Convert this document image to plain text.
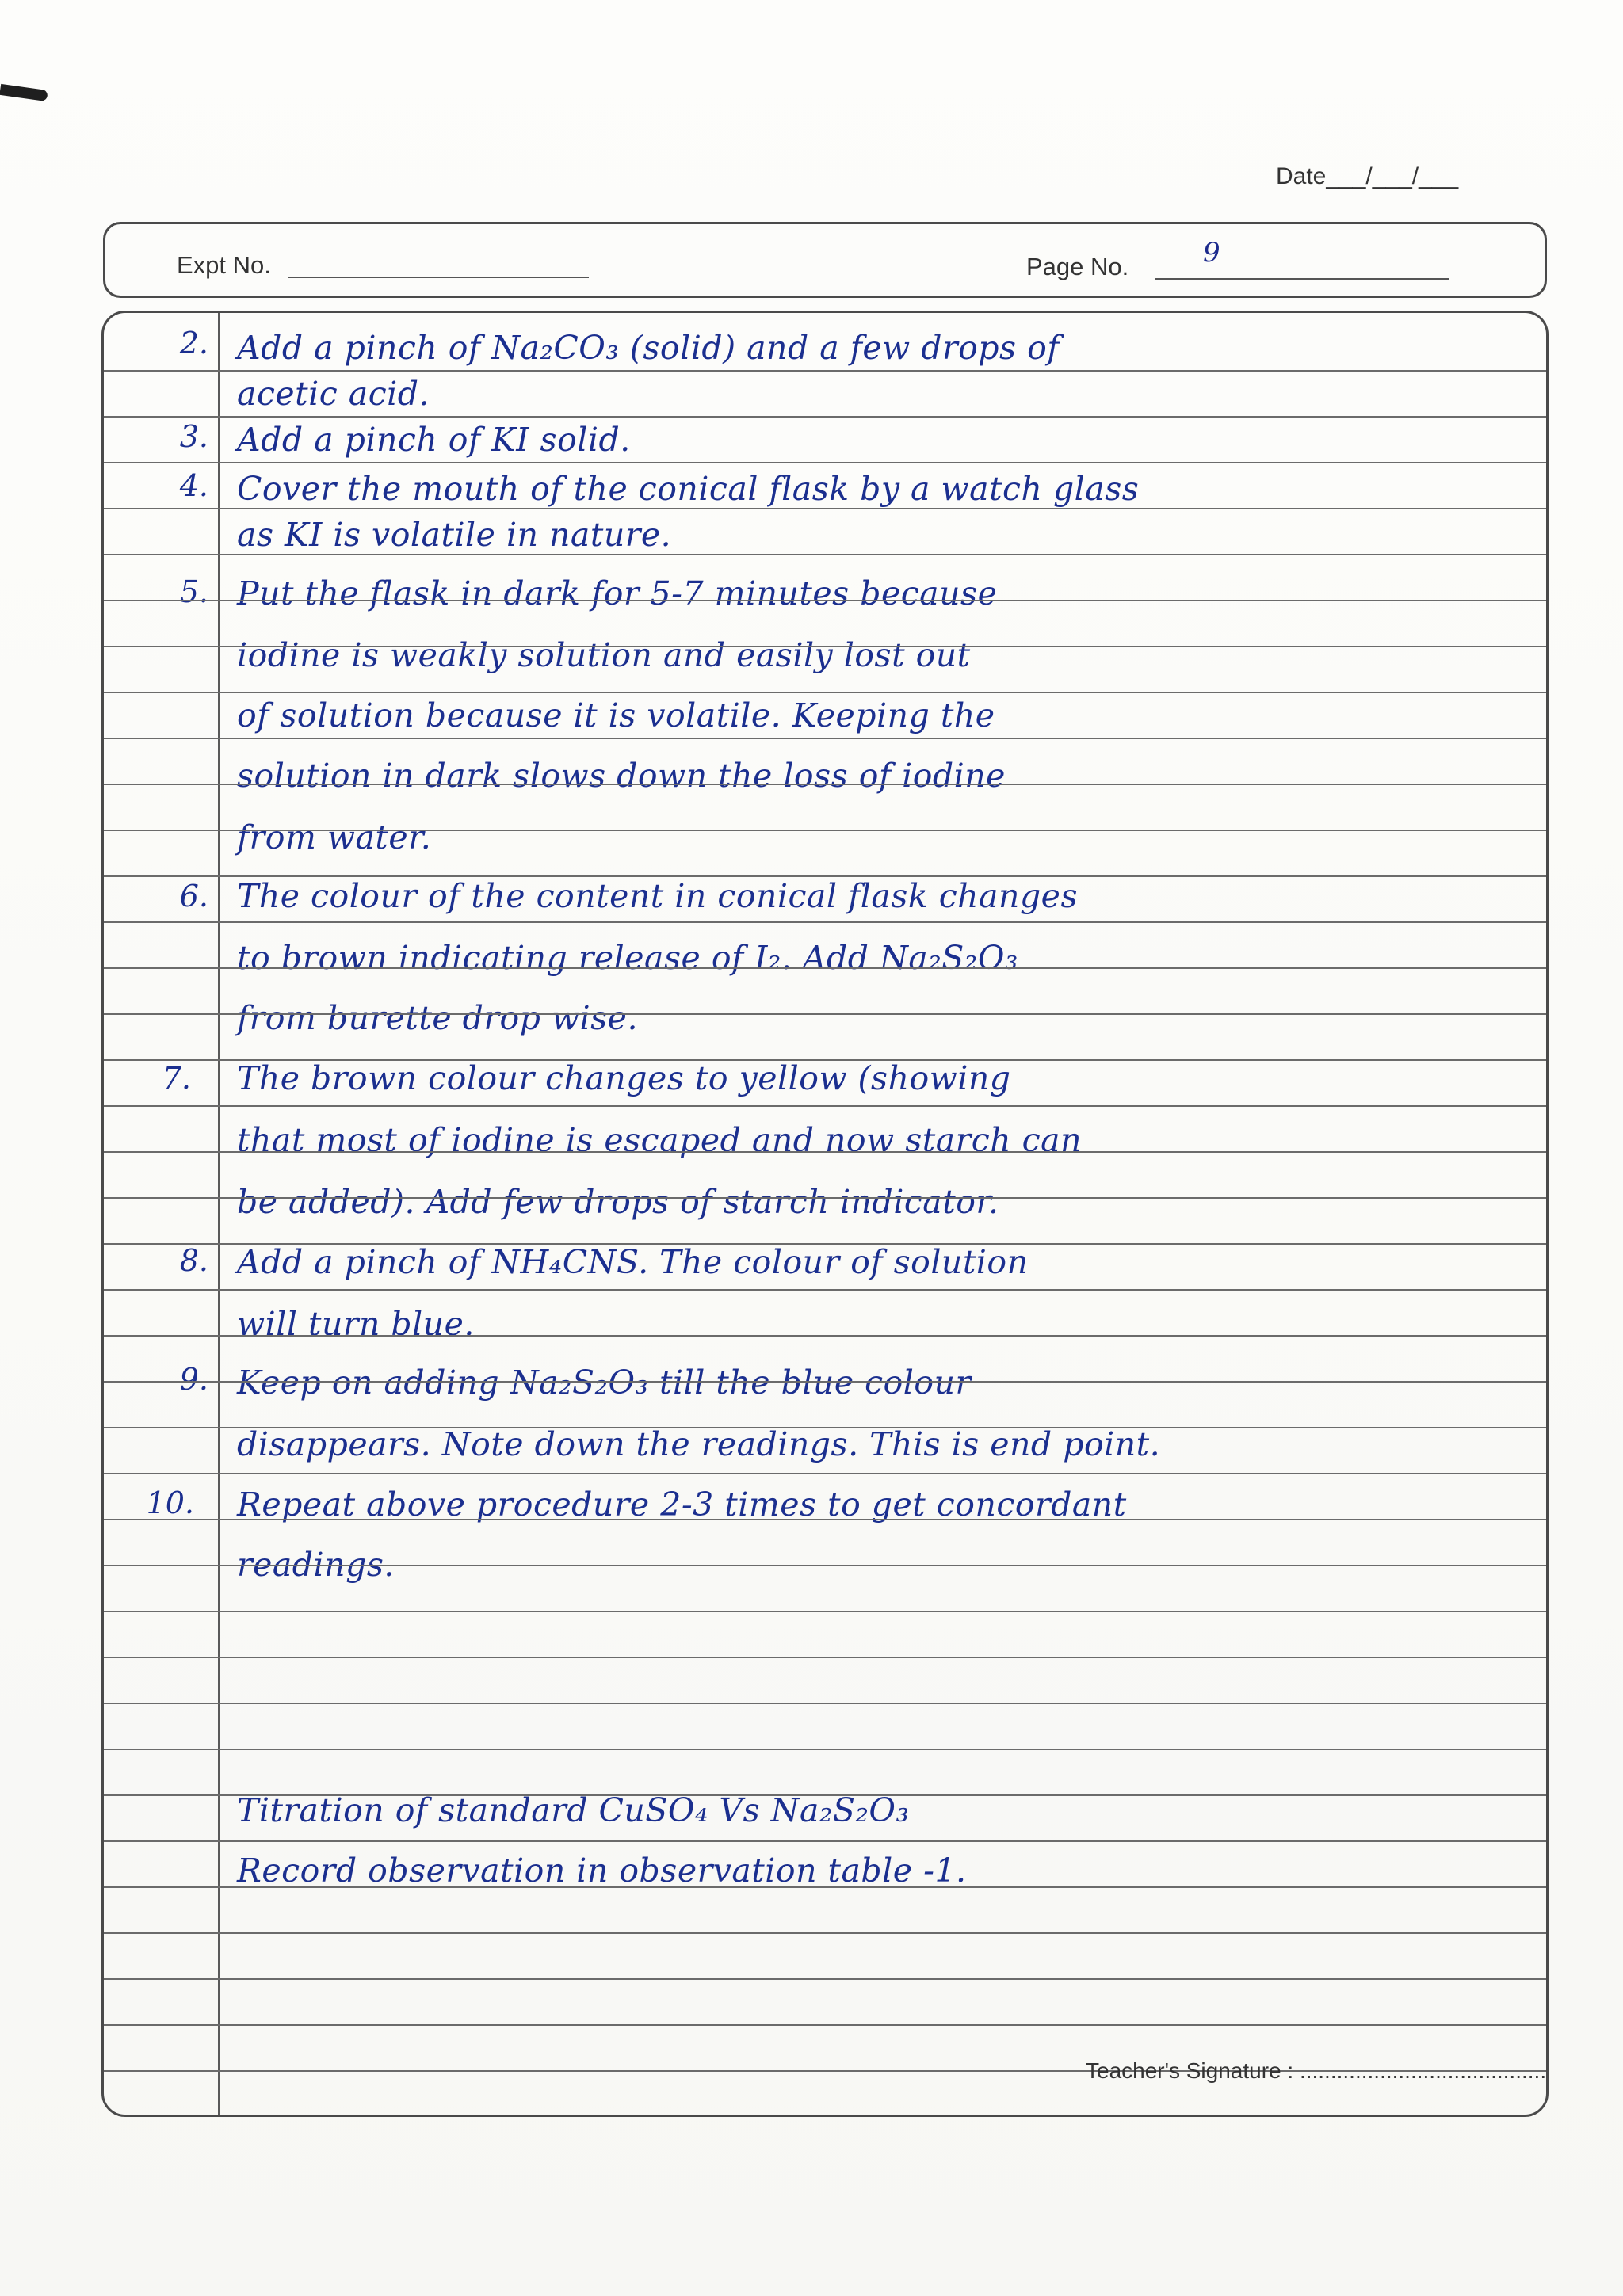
Date___/___/___
Expt No.	Page No.	9
2. Add a pinch of Na₂CO₃ (solid) and a few drops of
acetic acid.
3. Add a pinch of KI solid.
4. Cover the mouth of the conical flask by a watch glass
as KI is volatile in nature.
5. Put the flask in dark for 5-7 minutes because
iodine is weakly solution and easily lost out
of solution because it is volatile. Keeping the
solution in dark slows down the loss of iodine
from water.
6. The colour of the content in conical flask changes
to brown indicating release of I₂. Add Na₂S₂O₃
from burette drop wise.
7. The brown colour changes to yellow (showing
that most of iodine is escaped and now starch can
be added). Add few drops of starch indicator.
8. Add a pinch of NH₄CNS. The colour of solution
will turn blue.
9. Keep on adding Na₂S₂O₃ till the blue colour
disappears. Note down the readings. This is end point.
10. Repeat above procedure 2-3 times to get concordant
readings.
Titration of standard CuSO₄ Vs Na₂S₂O₃
Record observation in observation table -1.
Teacher's Signature : ........................................
